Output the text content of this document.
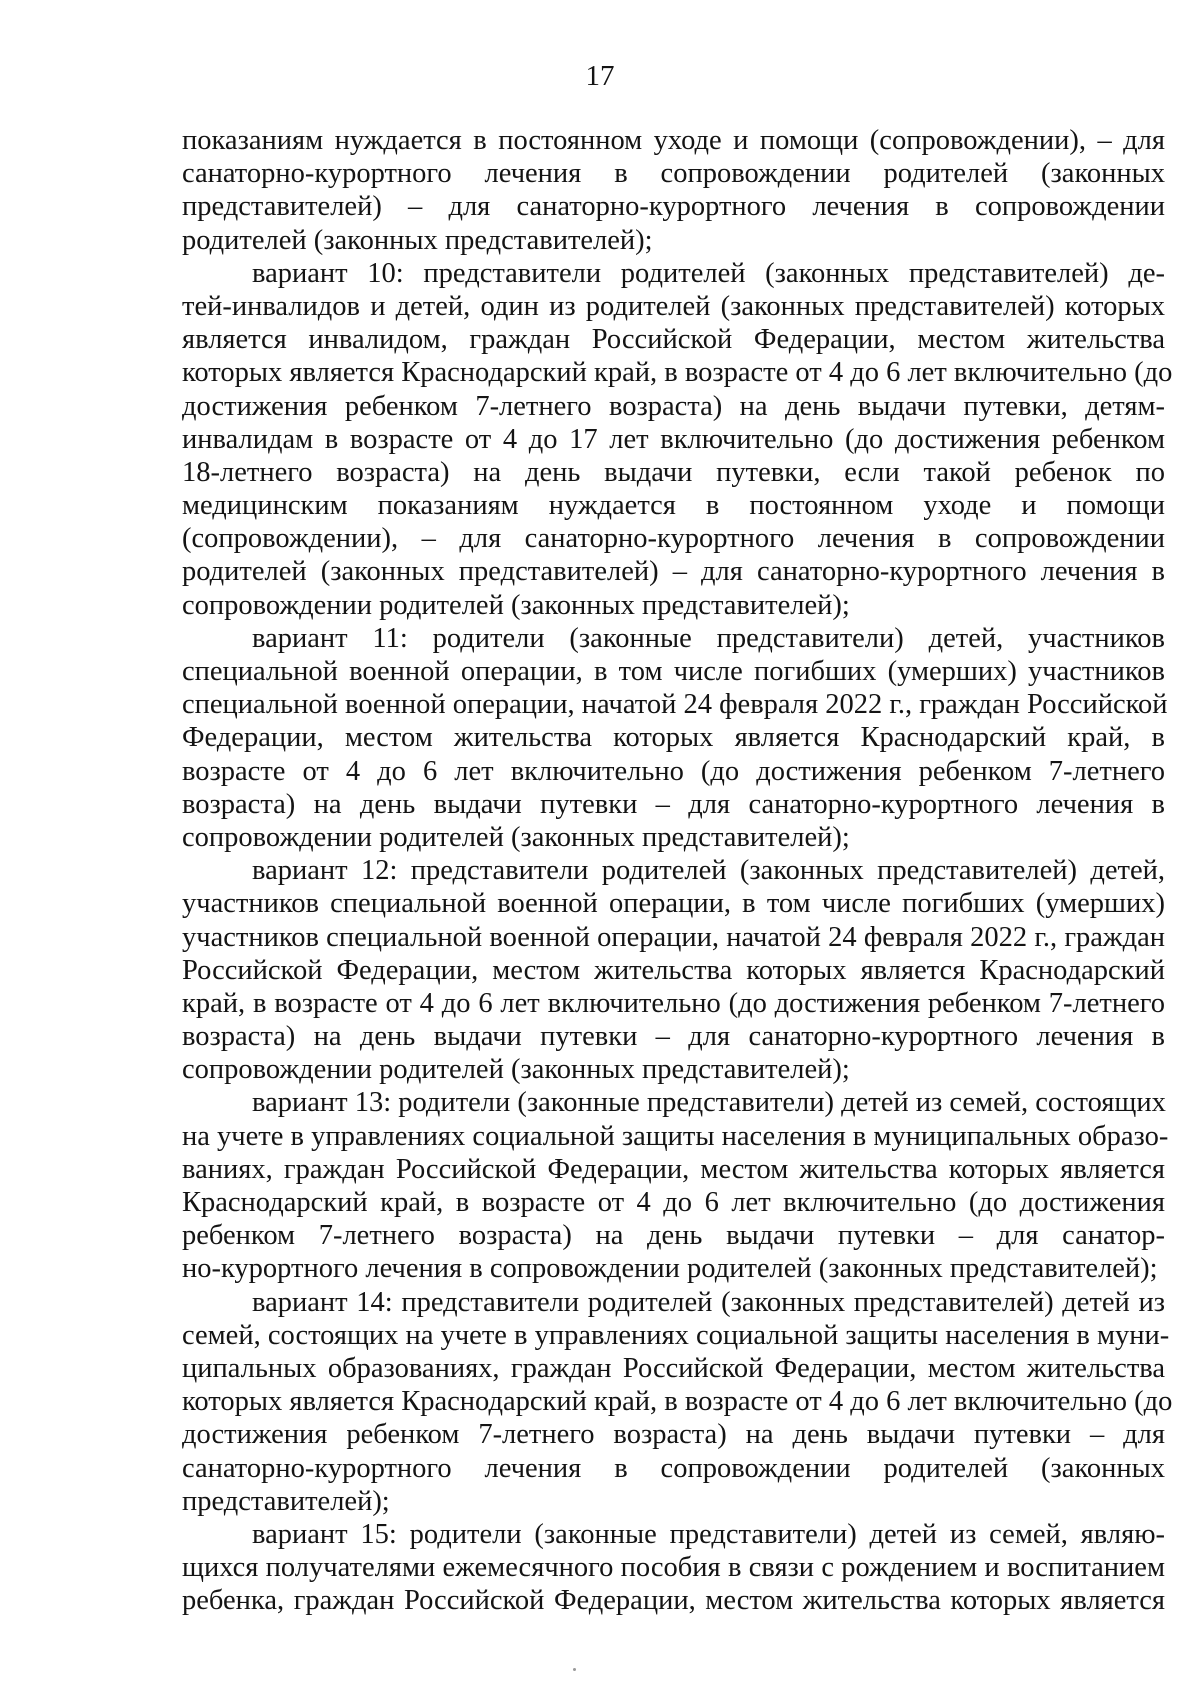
17

показаниям нуждается в постоянном уходе и помощи (сопровождении), – для
санаторно-курортного лечения в сопровождении родителей (законных
представителей) – для санаторно-курортного лечения в сопровождении
родителей (законных представителей);

вариант 10: представители родителей (законных представителей) де-
тей-инвалидов и детей, один из родителей (законных представителей) которых
является инвалидом, граждан Российской Федерации, местом жительства
которых является Краснодарский край, в возрасте от 4 до 6 лет включительно (до
достижения ребенком 7-летнего возраста) на день выдачи путевки, детям-
инвалидам в возрасте от 4 до 17 лет включительно (до достижения ребенком
18-летнего возраста) на день выдачи путевки, если такой ребенок по
медицинским показаниям нуждается в постоянном уходе и помощи
(сопровождении), – для санаторно-курортного лечения в сопровождении
родителей (законных представителей) – для санаторно-курортного лечения в
сопровождении родителей (законных представителей);

вариант 11: родители (законные представители) детей, участников
специальной военной операции, в том числе погибших (умерших) участников
специальной военной операции, начатой 24 февраля 2022 г., граждан Российской
Федерации, местом жительства которых является Краснодарский край, в
возрасте от 4 до 6 лет включительно (до достижения ребенком 7-летнего
возраста) на день выдачи путевки – для санаторно-курортного лечения в
сопровождении родителей (законных представителей);

вариант 12: представители родителей (законных представителей) детей,
участников специальной военной операции, в том числе погибших (умерших)
участников специальной военной операции, начатой 24 февраля 2022 г., граждан
Российской Федерации, местом жительства которых является Краснодарский
край, в возрасте от 4 до 6 лет включительно (до достижения ребенком 7-летнего
возраста) на день выдачи путевки – для санаторно-курортного лечения в
сопровождении родителей (законных представителей);

вариант 13: родители (законные представители) детей из семей, состоящих
на учете в управлениях социальной защиты населения в муниципальных образо-
ваниях, граждан Российской Федерации, местом жительства которых является
Краснодарский край, в возрасте от 4 до 6 лет включительно (до достижения
ребенком 7-летнего возраста) на день выдачи путевки – для санатор-
но-курортного лечения в сопровождении родителей (законных представителей);

вариант 14: представители родителей (законных представителей) детей из
семей, состоящих на учете в управлениях социальной защиты населения в муни-
ципальных образованиях, граждан Российской Федерации, местом жительства
которых является Краснодарский край, в возрасте от 4 до 6 лет включительно (до
достижения ребенком 7-летнего возраста) на день выдачи путевки – для
санаторно-курортного лечения в сопровождении родителей (законных
представителей);

вариант 15: родители (законные представители) детей из семей, являю-
щихся получателями ежемесячного пособия в связи с рождением и воспитанием
ребенка, граждан Российской Федерации, местом жительства которых является
